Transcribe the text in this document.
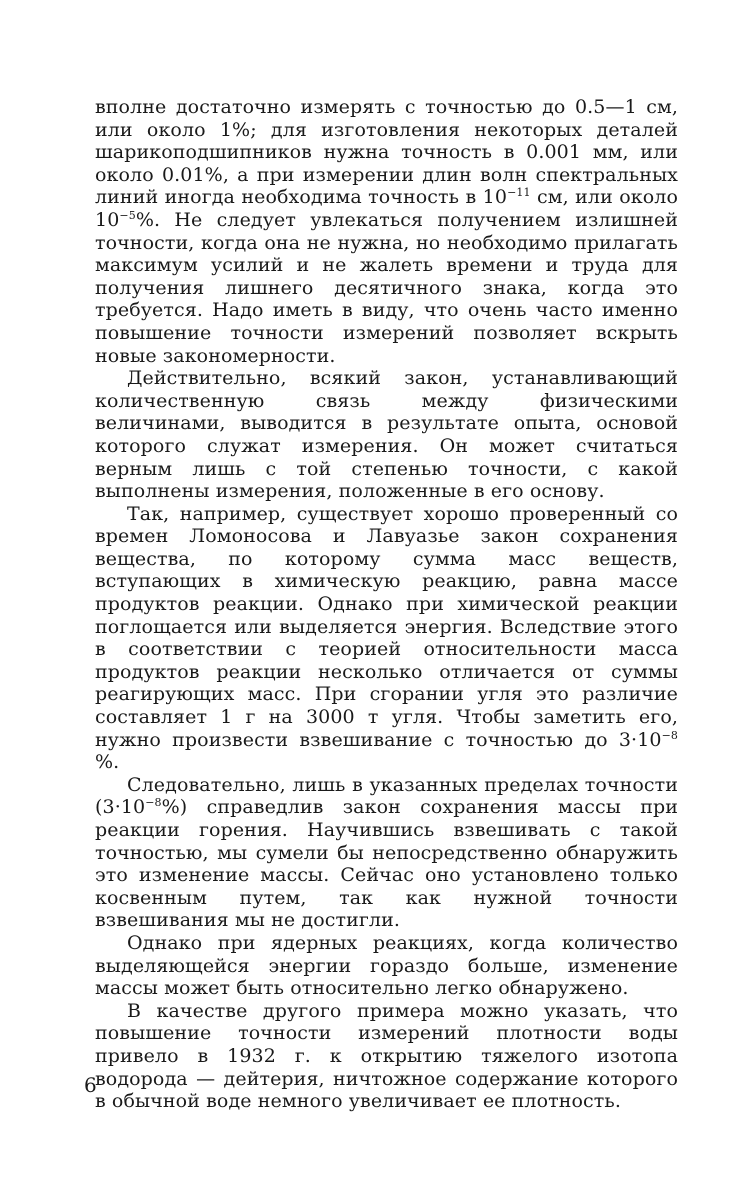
вполне достаточно измерять с точностью до 0.5—1 см, или около 1%; для изготовления некоторых деталей шарикоподшипников нужна точность в 0.001 мм, или около 0.01%, а при измерении длин волн спектральных линий иногда необходима точность в $10^{-11}$ см, или около $10^{-5}\%$. Не следует увлекаться получением излишней точности, когда она не нужна, но необходимо прилагать максимум усилий и не жалеть времени и труда для получения лишнего десятичного знака, когда это требуется. Надо иметь в виду, что очень часто именно повышение точности измерений позволяет вскрыть новые закономерности.

Действительно, всякий закон, устанавливающий количественную связь между физическими величинами, выводится в результате опыта, основой которого служат измерения. Он может считаться верным лишь с той степенью точности, с какой выполнены измерения, положенные в его основу.

Так, например, существует хорошо проверенный со времен Ломоносова и Лавуазье закон сохранения вещества, по которому сумма масс веществ, вступающих в химическую реакцию, равна массе продуктов реакции. Однако при химической реакции поглощается или выделяется энергия. Вследствие этого в соответствии с теорией относительности масса продуктов реакции несколько отличается от суммы реагирующих масс. При сгорании угля это различие составляет 1 г на 3000 т угля. Чтобы заметить его, нужно произвести взвешивание с точностью до $3\cdot 10^{-8}$ %.

Следовательно, лишь в указанных пределах точности $(3\cdot 10^{-8}\%)$ справедлив закон сохранения массы при реакции горения. Научившись взвешивать с такой точностью, мы сумели бы непосредственно обнаружить это изменение массы. Сейчас оно установлено только косвенным путем, так как нужной точности взвешивания мы не достигли.

Однако при ядерных реакциях, когда количество выделяющейся энергии гораздо больше, изменение массы может быть относительно легко обнаружено.

В качестве другого примера можно указать, что повышение точности измерений плотности воды привело в 1932 г. к открытию тяжелого изотопа водорода — дейтерия, ничтожное содержание которого в обычной воде немного увеличивает ее плотность.

6
